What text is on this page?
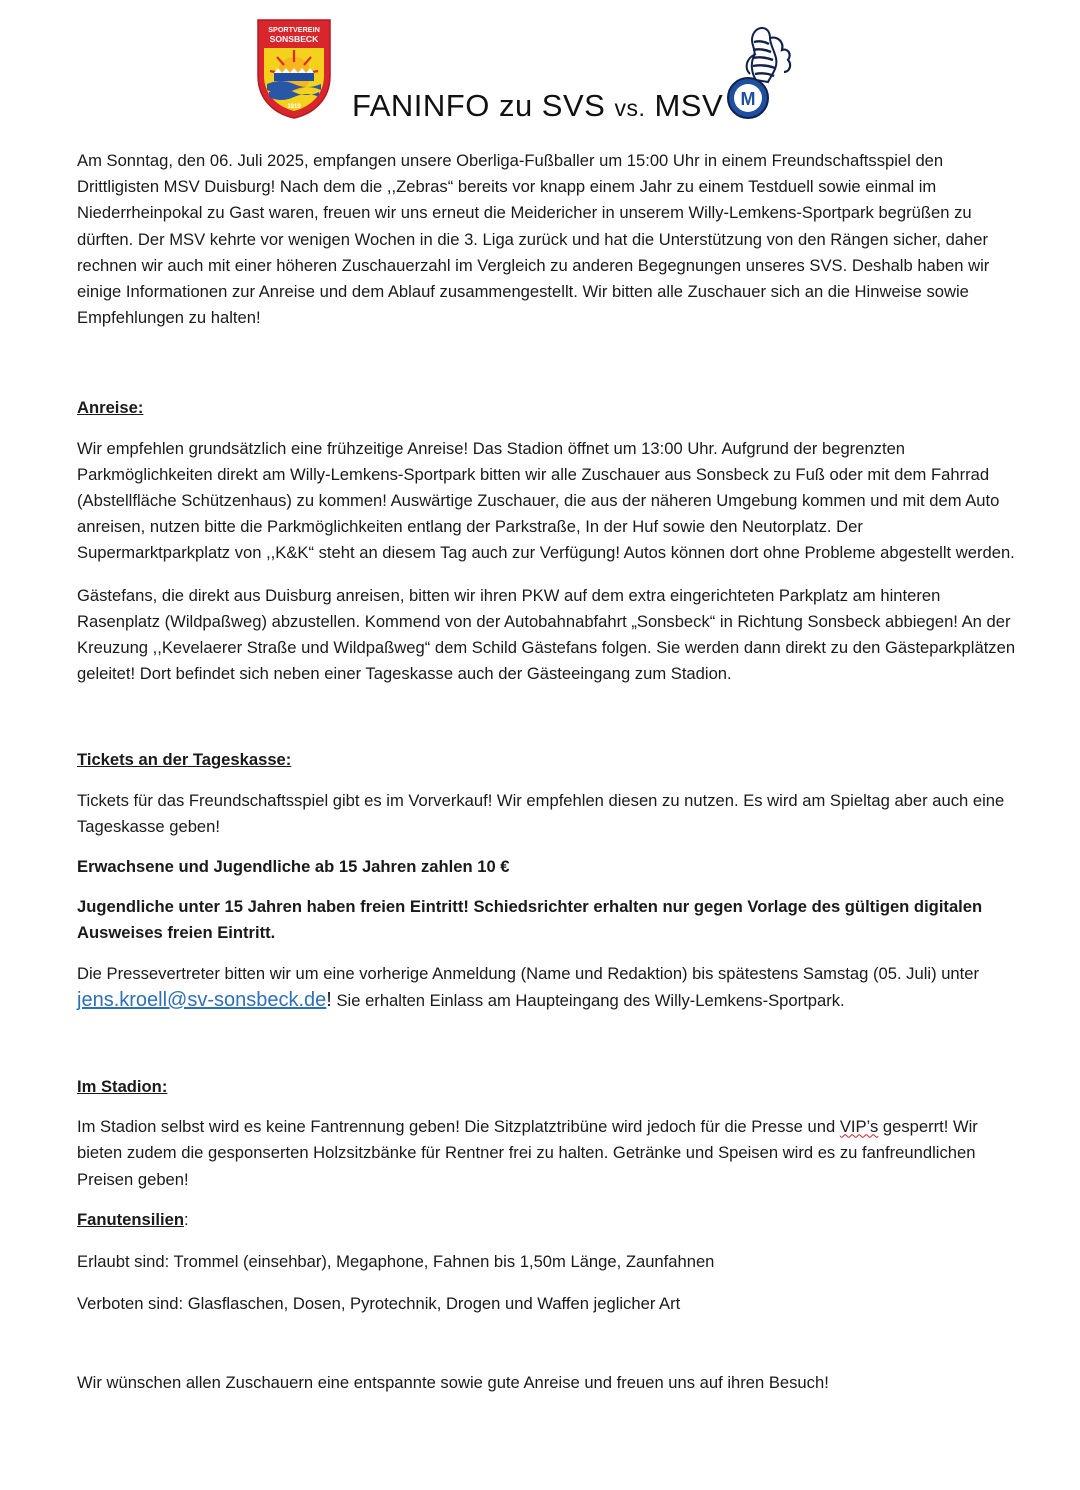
SPORTVEREIN
SONSBECK
1919 FANINFO zu SVS vs. MSV M

Am Sonntag, den 06. Juli 2025, empfangen unsere Oberliga-Fußballer um 15:00 Uhr in einem Freundschaftsspiel den Drittligisten MSV Duisburg! Nach dem die ,,Zebras“ bereits vor knapp einem Jahr zu einem Testduell sowie einmal im Niederrheinpokal zu Gast waren, freuen wir uns erneut die Meidericher in unserem Willy-Lemkens-Sportpark begrüßen zu dürften. Der MSV kehrte vor wenigen Wochen in die 3. Liga zurück und hat die Unterstützung von den Rängen sicher, daher rechnen wir auch mit einer höheren Zuschauerzahl im Vergleich zu anderen Begegnungen unseres SVS. Deshalb haben wir einige Informationen zur Anreise und dem Ablauf zusammengestellt. Wir bitten alle Zuschauer sich an die Hinweise sowie Empfehlungen zu halten!

Anreise:

Wir empfehlen grundsätzlich eine frühzeitige Anreise! Das Stadion öffnet um 13:00 Uhr. Aufgrund der begrenzten Parkmöglichkeiten direkt am Willy-Lemkens-Sportpark bitten wir alle Zuschauer aus Sonsbeck zu Fuß oder mit dem Fahrrad (Abstellfläche Schützenhaus) zu kommen! Auswärtige Zuschauer, die aus der näheren Umgebung kommen und mit dem Auto anreisen, nutzen bitte die Parkmöglichkeiten entlang der Parkstraße, In der Huf sowie den Neutorplatz. Der Supermarktparkplatz von ,,K&K“ steht an diesem Tag auch zur Verfügung! Autos können dort ohne Probleme abgestellt werden.

Gästefans, die direkt aus Duisburg anreisen, bitten wir ihren PKW auf dem extra eingerichteten Parkplatz am hinteren Rasenplatz (Wildpaßweg) abzustellen. Kommend von der Autobahnabfahrt „Sonsbeck“ in Richtung Sonsbeck abbiegen! An der Kreuzung ,,Kevelaerer Straße und Wildpaßweg“ dem Schild Gästefans folgen. Sie werden dann direkt zu den Gästeparkplätzen geleitet! Dort befindet sich neben einer Tageskasse auch der Gästeeingang zum Stadion.

Tickets an der Tageskasse:

Tickets für das Freundschaftsspiel gibt es im Vorverkauf! Wir empfehlen diesen zu nutzen. Es wird am Spieltag aber auch eine Tageskasse geben!

Erwachsene und Jugendliche ab 15 Jahren zahlen 10 €

Jugendliche unter 15 Jahren haben freien Eintritt! Schiedsrichter erhalten nur gegen Vorlage des gültigen digitalen Ausweises freien Eintritt.

Die Pressevertreter bitten wir um eine vorherige Anmeldung (Name und Redaktion) bis spätestens Samstag (05. Juli) unter jens.kroell@sv-sonsbeck.de! Sie erhalten Einlass am Haupteingang des Willy-Lemkens-Sportpark.

Im Stadion:

Im Stadion selbst wird es keine Fantrennung geben! Die Sitzplatztribüne wird jedoch für die Presse und VIP’s gesperrt! Wir bieten zudem die gesponserten Holzsitzbänke für Rentner frei zu halten. Getränke und Speisen wird es zu fanfreundlichen Preisen geben!

Fanutensilien:

Erlaubt sind: Trommel (einsehbar), Megaphone, Fahnen bis 1,50m Länge, Zaunfahnen

Verboten sind: Glasflaschen, Dosen, Pyrotechnik, Drogen und Waffen jeglicher Art

Wir wünschen allen Zuschauern eine entspannte sowie gute Anreise und freuen uns auf ihren Besuch!
